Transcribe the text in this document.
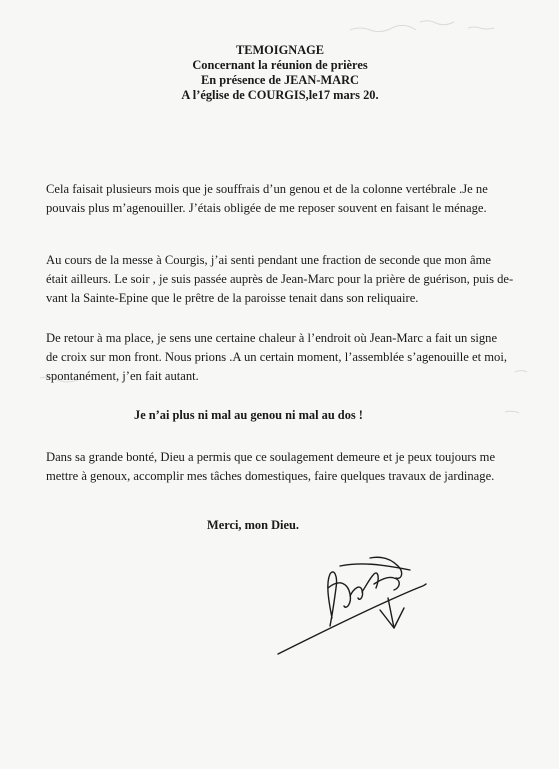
TEMOIGNAGE
Concernant la réunion de prières
En présence de JEAN-MARC
A l’église de COURGIS,le17 mars 20.
Cela faisait plusieurs mois que je souffrais d’un genou et de la colonne vertébrale .Je ne
pouvais plus m’agenouiller. J’étais obligée de me reposer souvent en faisant le ménage.
Au cours de la messe à Courgis, j’ai senti pendant une fraction de seconde que mon âme
était ailleurs. Le soir , je suis passée auprès de Jean-Marc pour la prière de guérison, puis de-
vant la Sainte-Epine que le prêtre de la paroisse tenait dans son reliquaire.
De retour à ma place, je sens une certaine chaleur à l’endroit où Jean-Marc a fait un signe
de croix sur mon front. Nous prions .A un certain moment, l’assemblée s’agenouille et moi,
spontanément, j’en fait autant.
Je n’ai plus ni mal au genou ni mal au dos !
Dans sa grande bonté, Dieu a permis que ce soulagement demeure et je peux toujours me
mettre à genoux, accomplir mes tâches domestiques, faire quelques travaux de jardinage.
Merci, mon Dieu.
